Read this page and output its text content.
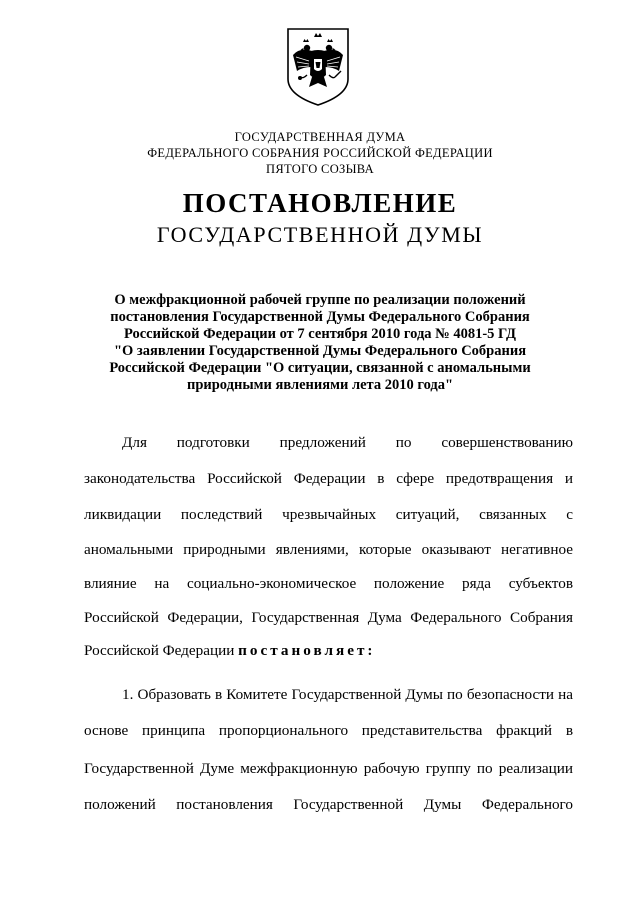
ГОСУДАРСТВЕННАЯ ДУМА
ФЕДЕРАЛЬНОГО СОБРАНИЯ РОССИЙСКОЙ ФЕДЕРАЦИИ
ПЯТОГО СОЗЫВА
ПОСТАНОВЛЕНИЕ
ГОСУДАРСТВЕННОЙ ДУМЫ
О межфракционной рабочей группе по реализации положений
постановления Государственной Думы Федерального Собрания
Российской Федерации от 7 сентября 2010 года № 4081-5 ГД
"О заявлении Государственной Думы Федерального Собрания
Российской Федерации "О ситуации, связанной с аномальными
природными явлениями лета 2010 года"
Для подготовки предложений по совершенствованию
законодательства Российской Федерации в сфере предотвращения и
ликвидации последствий чрезвычайных ситуаций, связанных с
аномальными природными явлениями, которые оказывают негативное
влияние на социально-экономическое положение ряда субъектов
Российской Федерации, Государственная Дума Федерального Собрания
Российской Федерации постановляет:
1. Образовать в Комитете Государственной Думы по безопасности на
основе принципа пропорционального представительства фракций в
Государственной Думе межфракционную рабочую группу по реализации
положений постановления Государственной Думы Федерального
